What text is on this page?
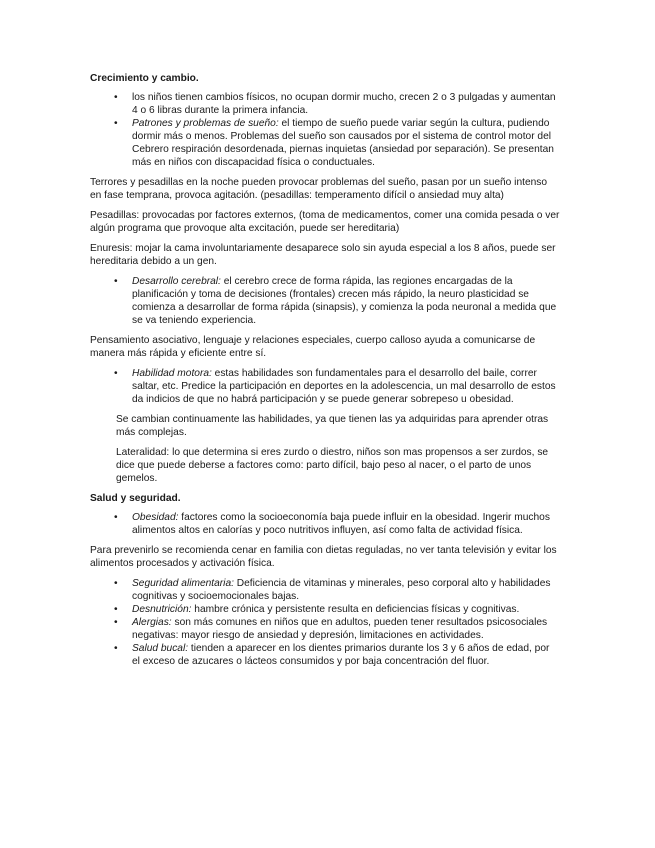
Crecimiento y cambio.
• los niños tienen cambios físicos, no ocupan dormir mucho, crecen 2 o 3 pulgadas y aumentan 4 o 6 libras durante la primera infancia.
• Patrones y problemas de sueño: el tiempo de sueño puede variar según la cultura, pudiendo dormir más o menos. Problemas del sueño son causados por el sistema de control motor del Cebrero respiración desordenada, piernas inquietas (ansiedad por separación). Se presentan más en niños con discapacidad física o conductuales.

Terrores y pesadillas en la noche pueden provocar problemas del sueño, pasan por un sueño intenso en fase temprana, provoca agitación. (pesadillas: temperamento difícil o ansiedad muy alta)

Pesadillas: provocadas por factores externos, (toma de medicamentos, comer una comida pesada o ver algún programa que provoque alta excitación, puede ser hereditaria)

Enuresis: mojar la cama involuntariamente desaparece solo sin ayuda especial a los 8 años, puede ser hereditaria debido a un gen.

• Desarrollo cerebral: el cerebro crece de forma rápida, las regiones encargadas de la planificación y toma de decisiones (frontales) crecen más rápido, la neuro plasticidad se comienza a desarrollar de forma rápida (sinapsis), y comienza la poda neuronal a medida que se va teniendo experiencia.

Pensamiento asociativo, lenguaje y relaciones especiales, cuerpo calloso ayuda a comunicarse de manera más rápida y eficiente entre sí.

• Habilidad motora: estas habilidades son fundamentales para el desarrollo del baile, correr saltar, etc. Predice la participación en deportes en la adolescencia, un mal desarrollo de estos da indicios de que no habrá participación y se puede generar sobrepeso u obesidad.

Se cambian continuamente las habilidades, ya que tienen las ya adquiridas para aprender otras más complejas.

Lateralidad: lo que determina si eres zurdo o diestro, niños son mas propensos a ser zurdos, se dice que puede deberse a factores como: parto difícil, bajo peso al nacer, o el parto de unos gemelos.

Salud y seguridad.
• Obesidad: factores como la socioeconomía baja puede influir en la obesidad. Ingerir muchos alimentos altos en calorías y poco nutritivos influyen, así como falta de actividad física.

Para prevenirlo se recomienda cenar en familia con dietas reguladas, no ver tanta televisión y evitar los alimentos procesados y activación física.

• Seguridad alimentaria: Deficiencia de vitaminas y minerales, peso corporal alto y habilidades cognitivas y socioemocionales bajas.
• Desnutrición: hambre crónica y persistente resulta en deficiencias físicas y cognitivas.
• Alergias: son más comunes en niños que en adultos, pueden tener resultados psicosociales negativas: mayor riesgo de ansiedad y depresión, limitaciones en actividades.
• Salud bucal: tienden a aparecer en los dientes primarios durante los 3 y 6 años de edad, por el exceso de azucares o lácteos consumidos y por baja concentración del fluor.
